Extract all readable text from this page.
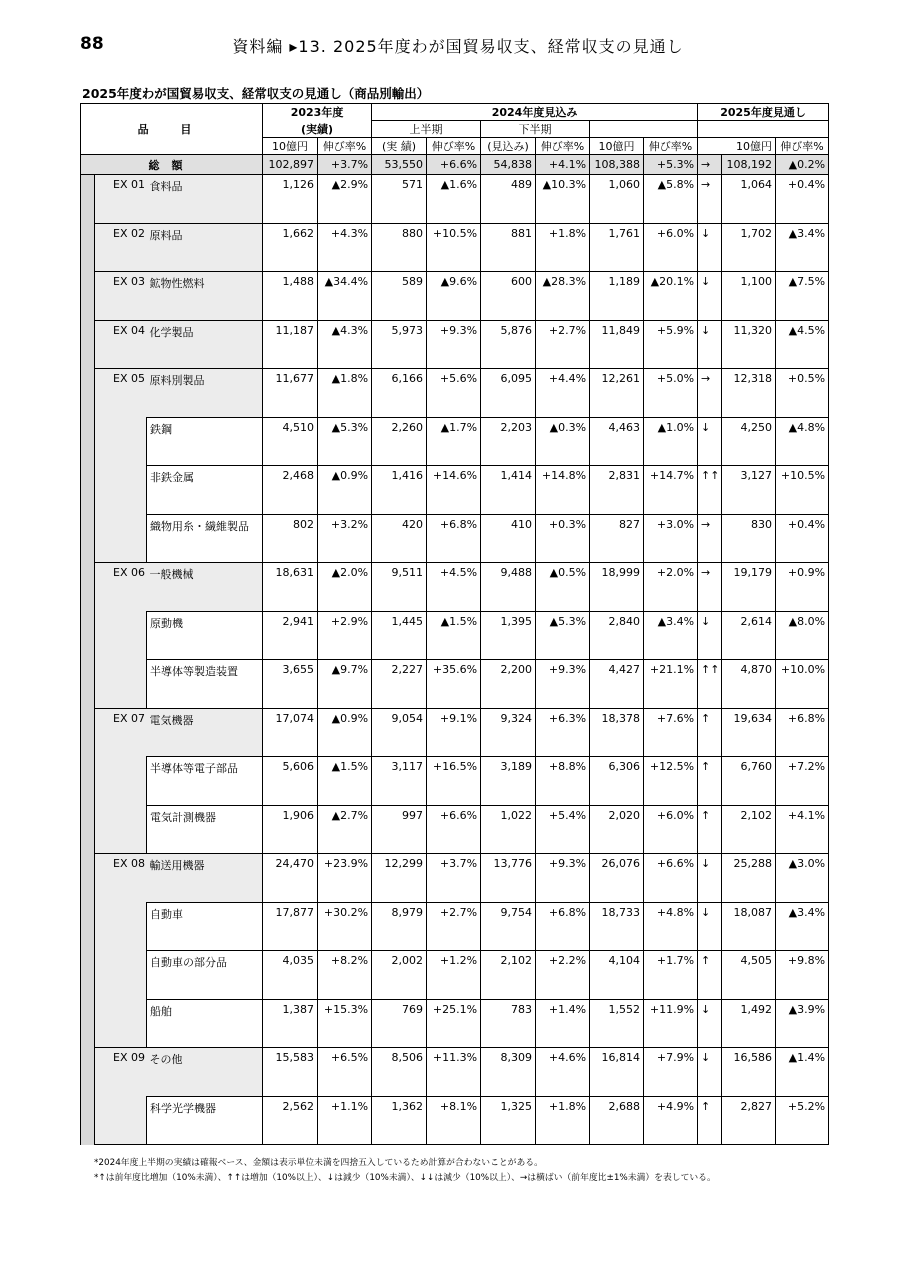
88	資料編 ▸13. 2025年度わが国貿易収支、経常収支の見通し
2025年度わが国貿易収支、経常収支の見通し（商品別輸出）
品 目			2023年度		2024年度見込み						2025年度見通し		
			(実績)		上半期		下半期						
			10億円	伸び率%	(実 績)	伸び率%	(見込み)	伸び率%	10億円	伸び率%	10億円		伸び率%
総額			102,897	+3.7%	53,550	+6.6%	54,838	+4.1%	108,388	+5.3%	→	108,192	▲0.2%
	EX 01	食料品	1,126	▲2.9%	571	▲1.6%	489	▲10.3%	1,060	▲5.8%	→	1,064	+0.4%
	EX 02	原料品	1,662	+4.3%	880	+10.5%	881	+1.8%	1,761	+6.0%	↓	1,702	▲3.4%
	EX 03	鉱物性燃料	1,488	▲34.4%	589	▲9.6%	600	▲28.3%	1,189	▲20.1%	↓	1,100	▲7.5%
	EX 04	化学製品	11,187	▲4.3%	5,973	+9.3%	5,876	+2.7%	11,849	+5.9%	↓	11,320	▲4.5%
	EX 05	原料別製品	11,677	▲1.8%	6,166	+5.6%	6,095	+4.4%	12,261	+5.0%	→	12,318	+0.5%
		鉄鋼	4,510	▲5.3%	2,260	▲1.7%	2,203	▲0.3%	4,463	▲1.0%	↓	4,250	▲4.8%
		非鉄金属	2,468	▲0.9%	1,416	+14.6%	1,414	+14.8%	2,831	+14.7%	↑↑	3,127	+10.5%
		織物用糸・繊維製品	802	+3.2%	420	+6.8%	410	+0.3%	827	+3.0%	→	830	+0.4%
	EX 06	一般機械	18,631	▲2.0%	9,511	+4.5%	9,488	▲0.5%	18,999	+2.0%	→	19,179	+0.9%
		原動機	2,941	+2.9%	1,445	▲1.5%	1,395	▲5.3%	2,840	▲3.4%	↓	2,614	▲8.0%
		半導体等製造装置	3,655	▲9.7%	2,227	+35.6%	2,200	+9.3%	4,427	+21.1%	↑↑	4,870	+10.0%
	EX 07	電気機器	17,074	▲0.9%	9,054	+9.1%	9,324	+6.3%	18,378	+7.6%	↑	19,634	+6.8%
		半導体等電子部品	5,606	▲1.5%	3,117	+16.5%	3,189	+8.8%	6,306	+12.5%	↑	6,760	+7.2%
		電気計測機器	1,906	▲2.7%	997	+6.6%	1,022	+5.4%	2,020	+6.0%	↑	2,102	+4.1%
	EX 08	輸送用機器	24,470	+23.9%	12,299	+3.7%	13,776	+9.3%	26,076	+6.6%	↓	25,288	▲3.0%
		自動車	17,877	+30.2%	8,979	+2.7%	9,754	+6.8%	18,733	+4.8%	↓	18,087	▲3.4%
		自動車の部分品	4,035	+8.2%	2,002	+1.2%	2,102	+2.2%	4,104	+1.7%	↑	4,505	+9.8%
		船舶	1,387	+15.3%	769	+25.1%	783	+1.4%	1,552	+11.9%	↓	1,492	▲3.9%
	EX 09	その他	15,583	+6.5%	8,506	+11.3%	8,309	+4.6%	16,814	+7.9%	↓	16,586	▲1.4%
		科学光学機器	2,562	+1.1%	1,362	+8.1%	1,325	+1.8%	2,688	+4.9%	↑	2,827	+5.2%
*2024年度上半期の実績は確報ベース、金額は表示単位未満を四捨五入しているため計算が合わないことがある。
*↑は前年度比増加（10%未満）、↑↑は増加（10%以上）、↓は減少（10%未満）、↓↓は減少（10%以上）、→は横ばい（前年度比±1%未満）を表している。
